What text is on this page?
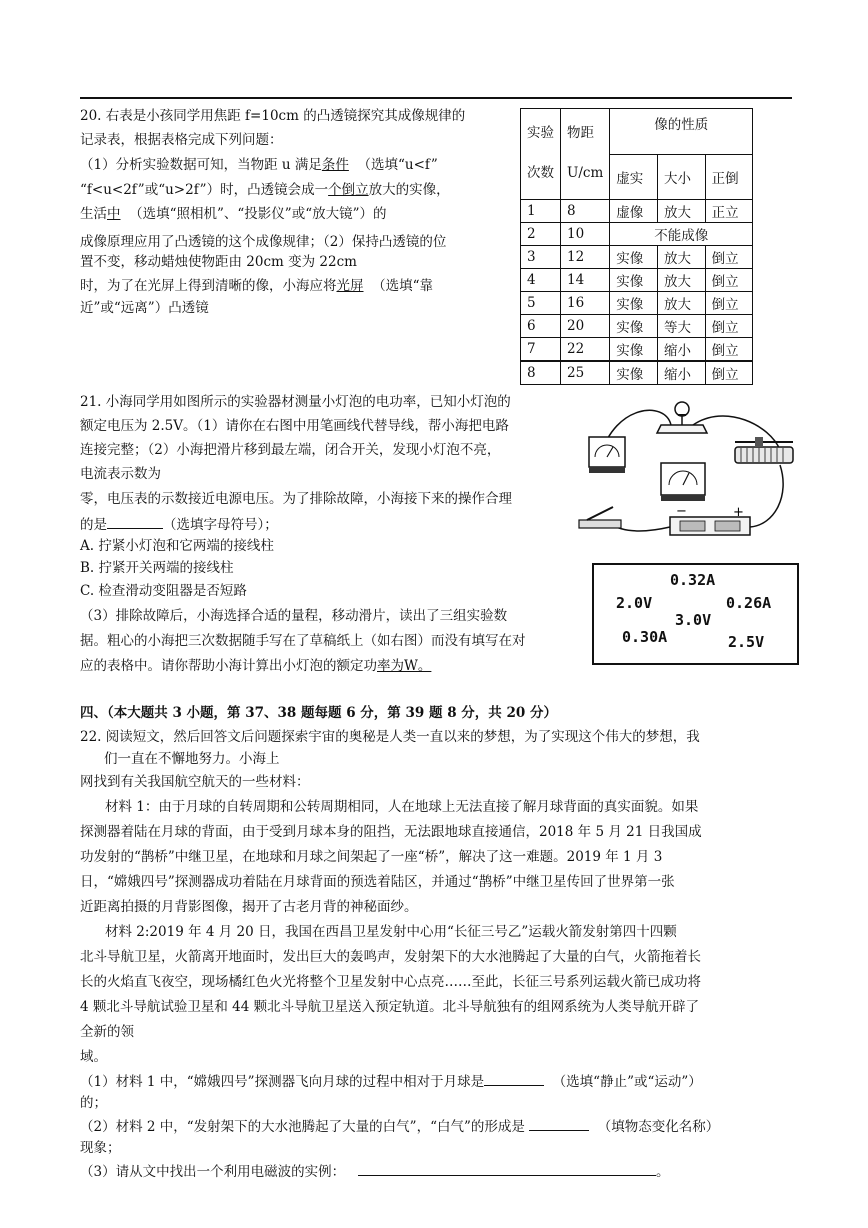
20. 右表是小孩同学用焦距 f=10cm 的凸透镜探究其成像规律的
记录表，根据表格完成下列问题：
（1）分析实验数据可知，当物距 u 满足条件 （选填“u<f”
“f<u<2f”或“u>2f”）时，凸透镜会成一个倒立放大的实像，
生活中 （选填“照相机”、“投影仪”或“放大镜”）的
成像原理应用了凸透镜的这个成像规律；（2）保持凸透镜的位
置不变，移动蜡烛使物距由 20cm 变为 22cm
时，为了在光屏上得到清晰的像，小海应将光屏 （选填“靠
近”或“远离”）凸透镜
实验
次数	物距
U/cm	像的性质		
		虚实	大小	正倒
1	8	虚像	放大	正立
2	10	不能成像		
3	12	实像	放大	倒立
4	14	实像	放大	倒立
5	16	实像	放大	倒立
6	20	实像	等大	倒立
7	22	实像	缩小	倒立
8	25	实像	缩小	倒立
21. 小海同学用如图所示的实验器材测量小灯泡的电功率，已知小灯泡的
额定电压为 2.5V。（1）请你在右图中用笔画线代替导线，帮小海把电路
连接完整；（2）小海把滑片移到最左端，闭合开关，发现小灯泡不亮，
电流表示数为
零，电压表的示数接近电源电压。为了排除故障，小海接下来的操作合理
的是	（选填字母符号）；
A. 拧紧小灯泡和它两端的接线柱
B. 拧紧开关两端的接线柱
C. 检查滑动变阻器是否短路
（3）排除故障后，小海选择合适的量程，移动滑片，读出了三组实验数
据。粗心的小海把三次数据随手写在了草稿纸上（如右图）而没有填写在对
应的表格中。请你帮助小海计算出小灯泡的额定功率为W。
−	+
0.32A
2.0V	0.26A
3.0V
0.30A	2.5V
四、（本大题共 3 小题，第 37、38 题每题 6 分，第 39 题 8 分，共 20 分）
22. 阅读短文，然后回答文后问题探索宇宙的奥秘是人类一直以来的梦想，为了实现这个伟大的梦想，我
们一直在不懈地努力。小海上
网找到有关我国航空航天的一些材料：
材料 1：由于月球的自转周期和公转周期相同，人在地球上无法直接了解月球背面的真实面貌。如果
探测器着陆在月球的背面，由于受到月球本身的阻挡，无法跟地球直接通信，2018 年 5 月 21 日我国成
功发射的“鹊桥”中继卫星，在地球和月球之间架起了一座“桥”，解决了这一难题。2019 年 1 月 3
日，“嫦娥四号”探测器成功着陆在月球背面的预选着陆区，并通过“鹊桥”中继卫星传回了世界第一张
近距离拍摄的月背影图像，揭开了古老月背的神秘面纱。
材料 2:2019 年 4 月 20 日，我国在西昌卫星发射中心用“长征三号乙”运载火箭发射第四十四颗
北斗导航卫星，火箭离开地面时，发出巨大的轰鸣声，发射架下的大水池腾起了大量的白气，火箭拖着长
长的火焰直飞夜空，现场橘红色火光将整个卫星发射中心点亮……至此，长征三号系列运载火箭已成功将
4 颗北斗导航试验卫星和 44 颗北斗导航卫星送入预定轨道。北斗导航独有的组网系统为人类导航开辟了
全新的领
域。
（1）材料 1 中，“嫦娥四号”探测器飞向月球的过程中相对于月球是	（选填“静止”或“运动”）
的；
（2）材料 2 中，“发射架下的大水池腾起了大量的白气”，“白气”的形成是	（填物态变化名称）
现象；
（3）请从文中找出一个利用电磁波的实例：	。
